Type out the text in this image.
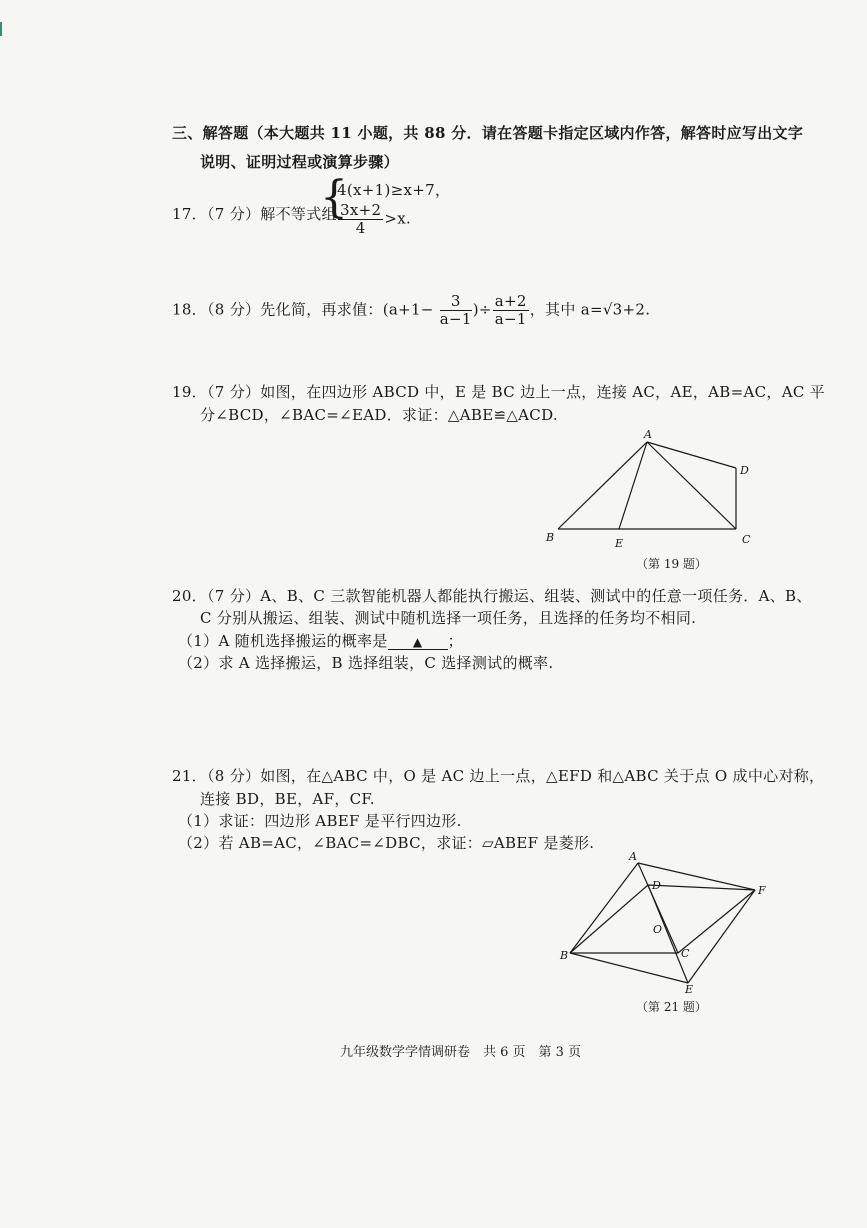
三、解答题（本大题共 11 小题，共 88 分．请在答题卡指定区域内作答，解答时应写出文字
说明、证明过程或演算步骤）
17．（7 分）解不等式组
{
4(x+1)≥x+7，
$\frac{3x+2}{4} >x$.
18．（8 分）先化简，再求值：($a+1- \frac{3}{a-1}$ )÷ $\frac{a+2}{a-1}$ ，其中 a=√3+2.
19．（7 分）如图，在四边形 ABCD 中，E 是 BC 边上一点，连接 AC，AE，AB=AC，AC 平
分∠BCD，∠BAC=∠EAD．求证：△ABE≌△ACD.
A
B	C
D
E
（第 19 题）
20．（7 分）A、B、C 三款智能机器人都能执行搬运、组装、测试中的任意一项任务．A、B、
C 分别从搬运、组装、测试中随机选择一项任务，且选择的任务均不相同.
（1）A 随机选择搬运的概率是 ▲ ；
（2）求 A 选择搬运，B 选择组装，C 选择测试的概率.
21．（8 分）如图，在△ABC 中，O 是 AC 边上一点，△EFD 和△ABC 关于点 O 成中心对称，
连接 BD，BE，AF，CF.
（1）求证：四边形 ABEF 是平行四边形.
（2）若 AB=AC，∠BAC=∠DBC，求证：▱ABEF 是菱形.
A
B	C
D
E
F
O
（第 21 题）
九年级数学学情调研卷　共 6 页　第 3 页
